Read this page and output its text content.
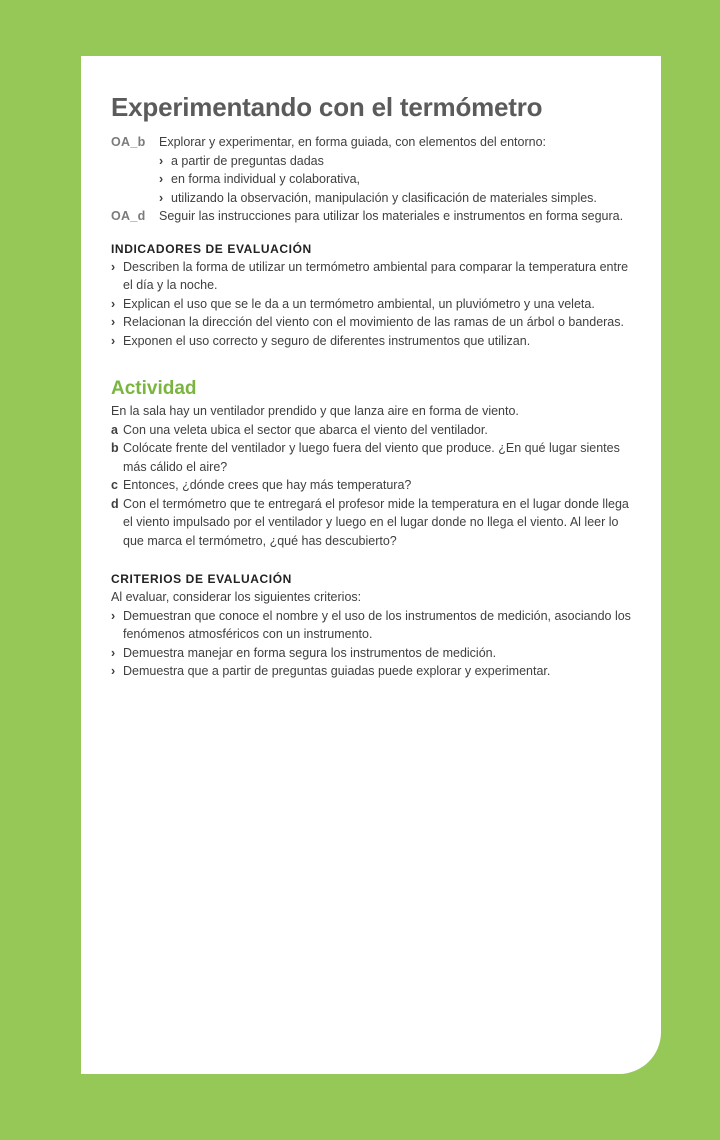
Experimentando con el termómetro
OA_b	Explorar y experimentar, en forma guiada, con elementos del entorno:
› a partir de preguntas dadas
› en forma individual y colaborativa,
› utilizando la observación, manipulación y clasificación de materiales simples.
OA_d	Seguir las instrucciones para utilizar los materiales e instrumentos en forma segura.
INDICADORES DE EVALUACIÓN
› Describen la forma de utilizar un termómetro ambiental para comparar la temperatura entre el día y la noche.
› Explican el uso que se le da a un termómetro ambiental, un pluviómetro y una veleta.
› Relacionan la dirección del viento con el movimiento de las ramas de un árbol o banderas.
› Exponen el uso correcto y seguro de diferentes instrumentos que utilizan.
Actividad

En la sala hay un ventilador prendido y que lanza aire en forma de viento.

a Con una veleta ubica el sector que abarca el viento del ventilador.
b Colócate frente del ventilador y luego fuera del viento que produce. ¿En qué lugar sientes más cálido el aire?
c Entonces, ¿dónde crees que hay más temperatura?
d Con el termómetro que te entregará el profesor mide la temperatura en el lugar donde llega el viento impulsado por el ventilador y luego en el lugar donde no llega el viento. Al leer lo que marca el termómetro, ¿qué has descubierto?
CRITERIOS DE EVALUACIÓN

Al evaluar, considerar los siguientes criterios:

› Demuestran que conoce el nombre y el uso de los instrumentos de medición, asociando los fenómenos atmosféricos con un instrumento.
› Demuestra manejar en forma segura los instrumentos de medición.
› Demuestra que a partir de preguntas guiadas puede explorar y experimentar.
